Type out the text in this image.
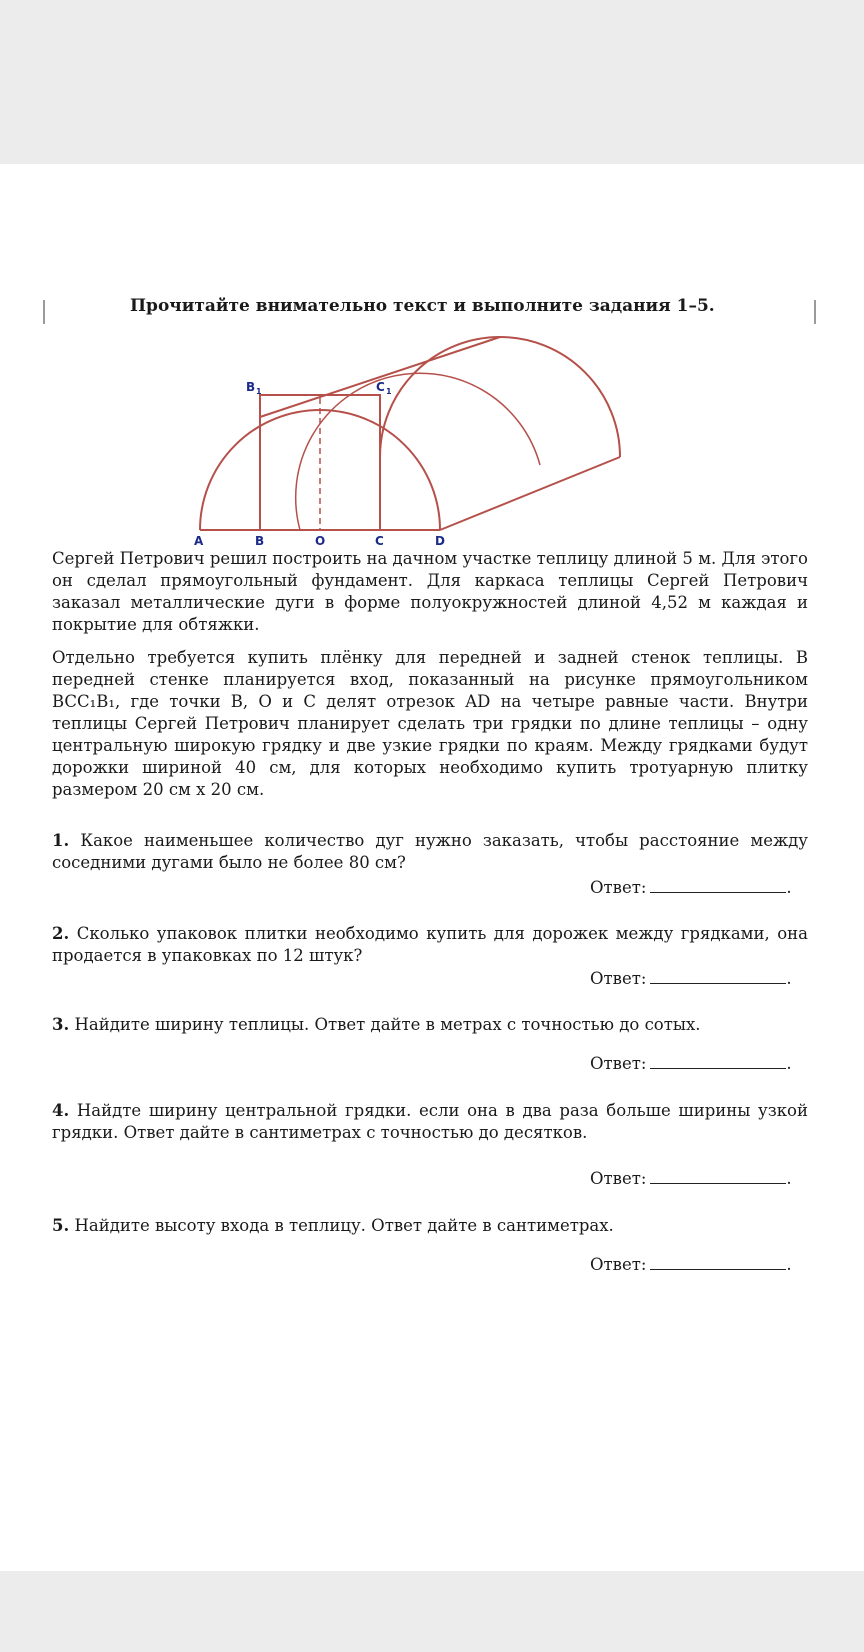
Прочитайте внимательно текст и выполните задания 1–5.
A	B	O	C	D
B 1	C 1
Сергей Петрович решил построить на дачном участке теплицу длиной 5 м. Для этого он сделал прямоугольный фундамент. Для каркаса теплицы Сергей Петрович заказал металлические дуги в форме полуокружностей длиной 4,52 м каждая и покрытие для обтяжки.
Отдельно требуется купить плёнку для передней и задней стенок теплицы. В передней стенке планируется вход, показанный на рисунке прямоугольником BCC₁B₁, где точки B, O и C делят отрезок AD на четыре равные части. Внутри теплицы Сергей Петрович планирует сделать три грядки по длине теплицы – одну центральную широкую грядку и две узкие грядки по краям. Между грядками будут дорожки шириной 40 см, для которых необходимо купить тротуарную плитку размером 20 см х 20 см.
1. Какое наименьшее количество дуг нужно заказать, чтобы расстояние между соседними дугами было не более 80 см?
Ответ:	.
2. Сколько упаковок плитки необходимо купить для дорожек между грядками, она продается в упаковках по 12 штук?
Ответ:	.
3. Найдите ширину теплицы. Ответ дайте в метрах с точностью до сотых.
Ответ:	.
4. Найдте ширину центральной грядки. если она в два раза больше ширины узкой грядки. Ответ дайте в сантиметрах с точностью до десятков.
Ответ:	.
5. Найдите высоту входа в теплицу. Ответ дайте в сантиметрах.
Ответ:	.
